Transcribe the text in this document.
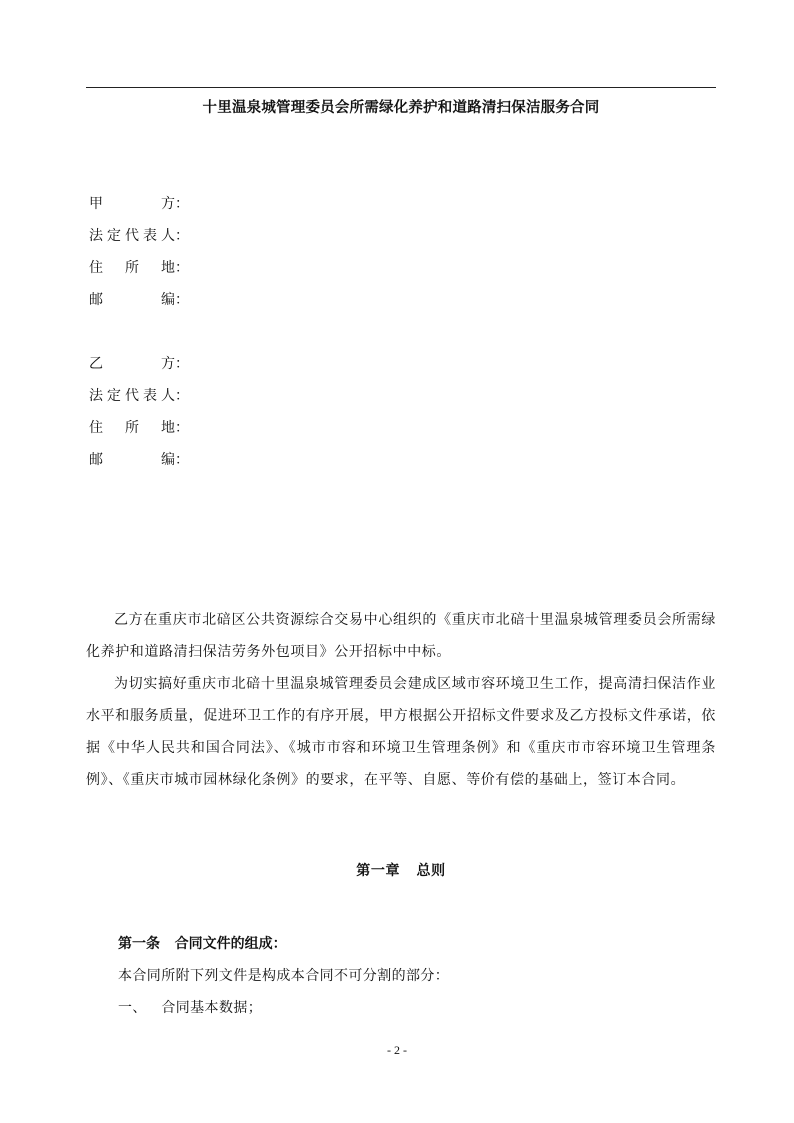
十里温泉城管理委员会所需绿化养护和道路清扫保洁服务合同
甲方：
法定代表人：
住所地：
邮编：
乙方：
法定代表人：
住所地：
邮编：

乙方在重庆市北碚区公共资源综合交易中心组织的《重庆市北碚十里温泉城管理委员会所需绿化养护和道路清扫保洁劳务外包项目》公开招标中中标。

为切实搞好重庆市北碚十里温泉城管理委员会建成区域市容环境卫生工作，提高清扫保洁作业水平和服务质量，促进环卫工作的有序开展，甲方根据公开招标文件要求及乙方投标文件承诺，依据《中华人民共和国合同法》、《城市市容和环境卫生管理条例》和《重庆市市容环境卫生管理条例》、《重庆市城市园林绿化条例》的要求，在平等、自愿、等价有偿的基础上，签订本合同。

第一章   总则

第一条   合同文件的组成：

本合同所附下列文件是构成本合同不可分割的部分：

一、   合同基本数据；

- 2 -
